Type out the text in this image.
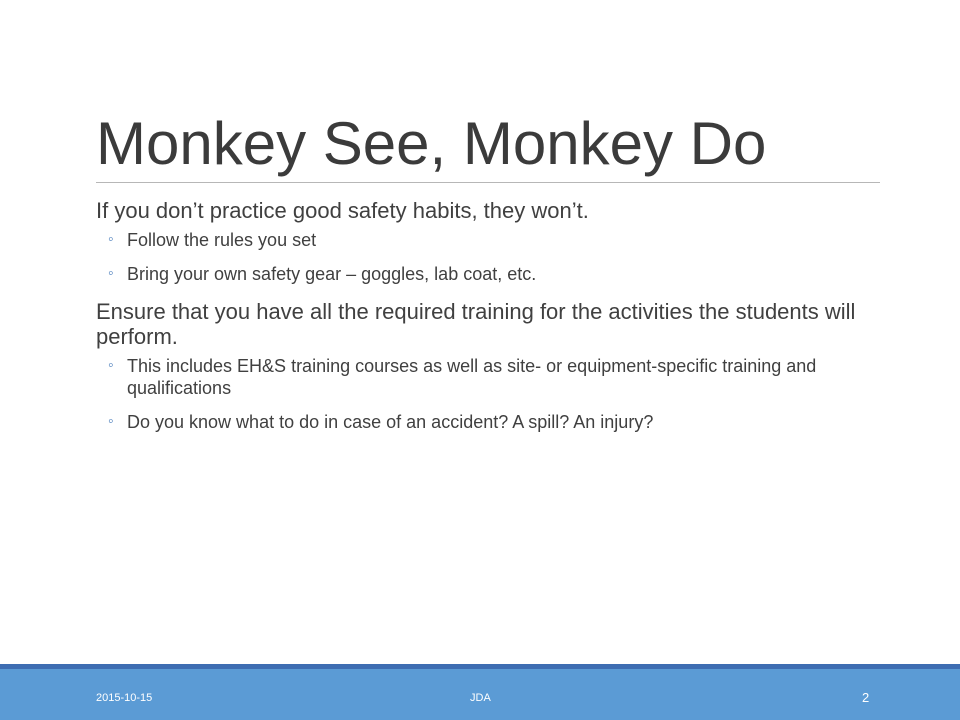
Monkey See, Monkey Do

If you don’t practice good safety habits, they won’t.

◦ Follow the rules you set
◦ Bring your own safety gear – goggles, lab coat, etc.

Ensure that you have all the required training for the activities the students will perform.

◦ This includes EH&S training courses as well as site- or equipment-specific training and qualifications
◦ Do you know what to do in case of an accident? A spill? An injury?
2015-10-15	JDA	2
